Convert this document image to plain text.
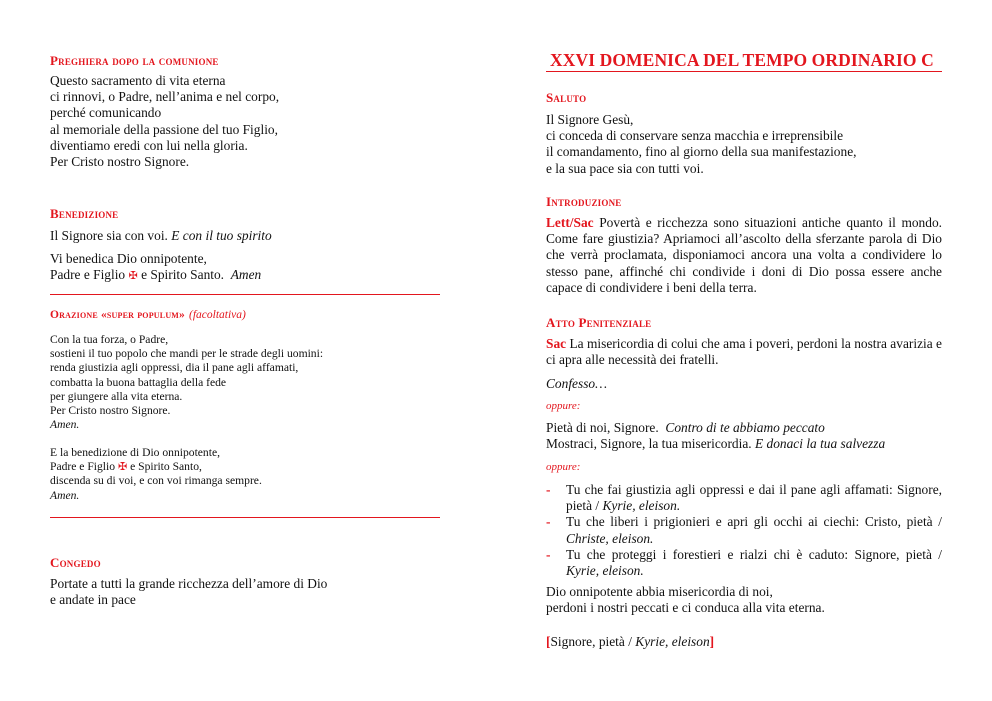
Preghiera dopo la comunione
Questo sacramento di vita eterna
ci rinnovi, o Padre, nell’anima e nel corpo,
perché comunicando
al memoriale della passione del tuo Figlio,
diventiamo eredi con lui nella gloria.
Per Cristo nostro Signore.
Benedizione
Il Signore sia con voi. E con il tuo spirito
Vi benedica Dio onnipotente,
Padre e Figlio ✠ e Spirito Santo. Amen
Orazione «super populum» (facoltativa)
Con la tua forza, o Padre,
sostieni il tuo popolo che mandi per le strade degli uomini:
renda giustizia agli oppressi, dia il pane agli affamati,
combatta la buona battaglia della fede
per giungere alla vita eterna.
Per Cristo nostro Signore.
Amen.
E la benedizione di Dio onnipotente,
Padre e Figlio ✠ e Spirito Santo,
discenda su di voi, e con voi rimanga sempre.
Amen.
Congedo
Portate a tutti la grande ricchezza dell’amore di Dio
e andate in pace
XXVI DOMENICA DEL TEMPO ORDINARIO C
Saluto
Il Signore Gesù,
ci conceda di conservare senza macchia e irreprensibile
il comandamento, fino al giorno della sua manifestazione,
e la sua pace sia con tutti voi.
Introduzione
Lett/Sac Povertà e ricchezza sono situazioni antiche quanto il mondo. Come fare giustizia? Apriamoci all’ascolto della sferzante parola di Dio che verrà proclamata, disponiamoci ancora una volta a condividere lo stesso pane, affinché chi condivide i doni di Dio possa essere anche capace di condividere i beni della terra.
Atto Penitenziale
Sac La misericordia di colui che ama i poveri, perdoni la nostra avarizia e ci apra alle necessità dei fratelli.
Confesso…
oppure:
Pietà di noi, Signore. Contro di te abbiamo peccato
Mostraci, Signore, la tua misericordia. E donaci la tua salvezza
oppure:
- Tu che fai giustizia agli oppressi e dai il pane agli affamati: Signore, pietà / Kyrie, eleison.
- Tu che liberi i prigionieri e apri gli occhi ai ciechi: Cristo, pietà / Christe, eleison.
- Tu che proteggi i forestieri e rialzi chi è caduto: Signore, pietà / Kyrie, eleison.
Dio onnipotente abbia misericordia di noi,
perdoni i nostri peccati e ci conduca alla vita eterna.
[Signore, pietà / Kyrie, eleison]
